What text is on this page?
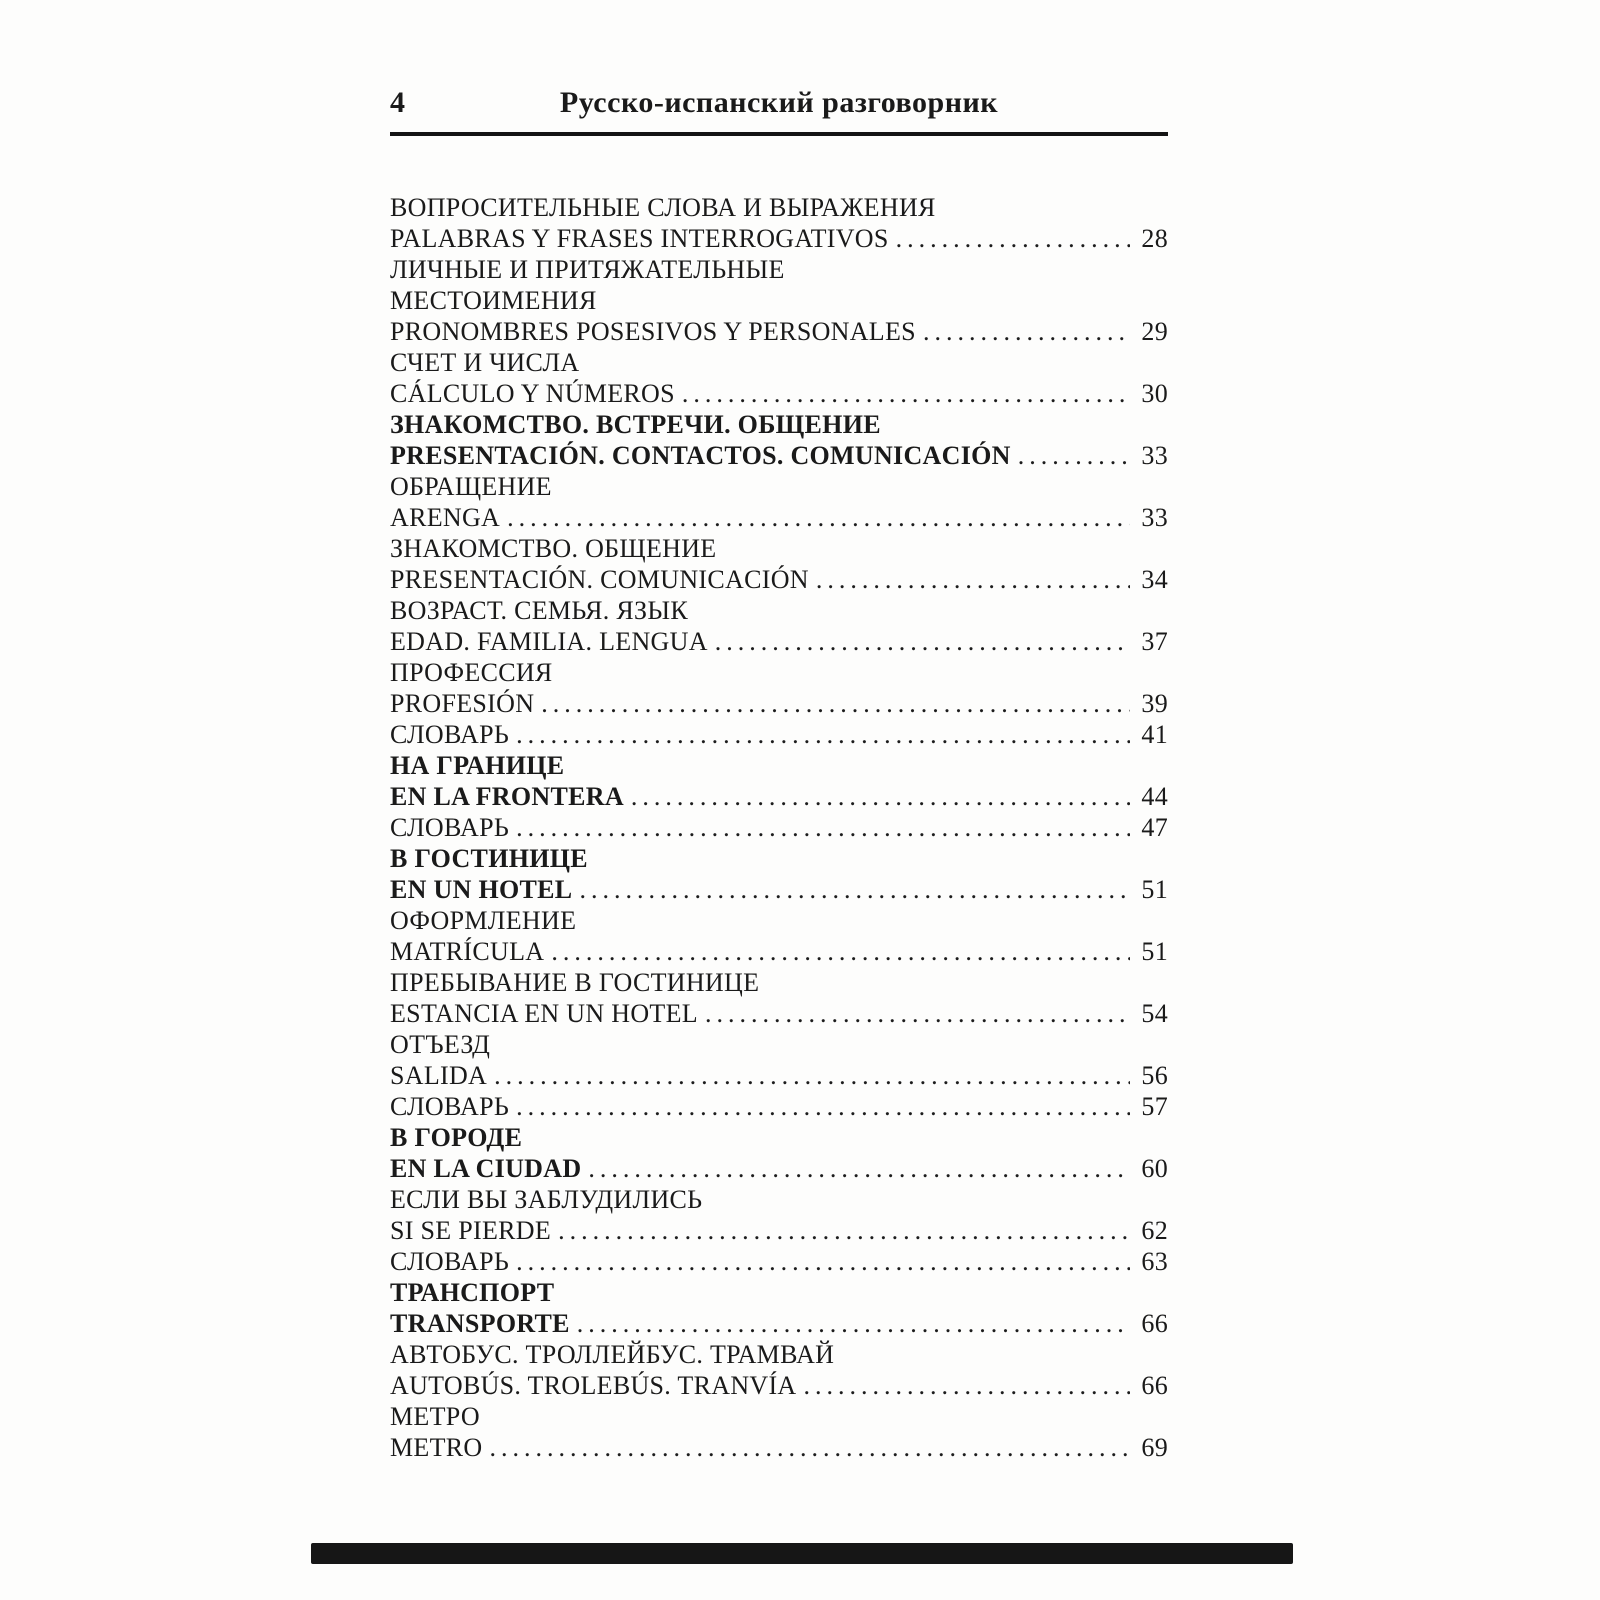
4	Русско-испанский разговорник
ВОПРОСИТЕЛЬНЫЕ СЛОВА И ВЫРАЖЕНИЯ
PALABRAS Y FRASES INTERROGATIVOS .....	28
ЛИЧНЫЕ И ПРИТЯЖАТЕЛЬНЫЕ
МЕСТОИМЕНИЯ
PRONOMBRES POSESIVOS Y PERSONALES .....	29
СЧЕТ И ЧИСЛА
CÁLCULO Y NÚMEROS .....	30
ЗНАКОМСТВО. ВСТРЕЧИ. ОБЩЕНИЕ
PRESENTACIÓN. CONTACTOS. COMUNICACIÓN .....	33
ОБРАЩЕНИЕ
ARENGA .....	33
ЗНАКОМСТВО. ОБЩЕНИЕ
PRESENTACIÓN. COMUNICACIÓN .....	34
ВОЗРАСТ. СЕМЬЯ. ЯЗЫК
EDAD. FAMILIA. LENGUA .....	37
ПРОФЕССИЯ
PROFESIÓN .....	39
СЛОВАРЬ .....	41
НА ГРАНИЦЕ
EN LA FRONTERA .....	44
СЛОВАРЬ .....	47
В ГОСТИНИЦЕ
EN UN HOTEL .....	51
ОФОРМЛЕНИЕ
MATRÍCULA .....	51
ПРЕБЫВАНИЕ В ГОСТИНИЦЕ
ESTANCIA EN UN HOTEL .....	54
ОТЪЕЗД
SALIDA .....	56
СЛОВАРЬ .....	57
В ГОРОДЕ
EN LA CIUDAD .....	60
ЕСЛИ ВЫ ЗАБЛУДИЛИСЬ
SI SE PIERDE .....	62
СЛОВАРЬ .....	63
ТРАНСПОРТ
TRANSPORTE .....	66
АВТОБУС. ТРОЛЛЕЙБУС. ТРАМВАЙ
AUTOBÚS. TROLEBÚS. TRANVÍA .....	66
МЕТРО
METRO .....	69
